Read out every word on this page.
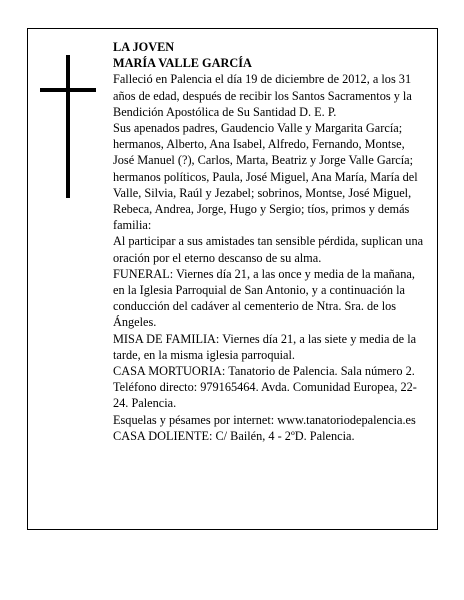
LA JOVEN
MARÍA VALLE GARCÍA
Falleció en Palencia el día 19 de diciembre de 2012, a los 31 años de edad, después de recibir los Santos Sacramentos y la Bendición Apostólica de Su Santidad D. E. P.
Sus apenados padres, Gaudencio Valle y Margarita García; hermanos, Alberto, Ana Isabel, Alfredo, Fernando, Montse, José Manuel (?), Carlos, Marta, Beatriz y Jorge Valle García; hermanos políticos, Paula, José Miguel, Ana María, María del Valle, Silvia, Raúl y Jezabel; sobrinos, Montse, José Miguel, Rebeca, Andrea, Jorge, Hugo y Sergio; tíos, primos y demás familia:
Al participar a sus amistades tan sensible pérdida, suplican una oración por el eterno descanso de su alma.
FUNERAL: Viernes día 21, a las once y media de la mañana, en la Iglesia Parroquial de San Antonio, y a continuación la conducción del cadáver al cementerio de Ntra. Sra. de los Ángeles.
MISA DE FAMILIA: Viernes día 21, a las siete y media de la tarde, en la misma iglesia parroquial.
CASA MORTUORIA: Tanatorio de Palencia. Sala número 2. Teléfono directo: 979165464. Avda. Comunidad Europea, 22-24. Palencia.
Esquelas y pésames por internet: www.tanatoriodepalencia.es
CASA DOLIENTE: C/ Bailén, 4 - 2ºD. Palencia.
